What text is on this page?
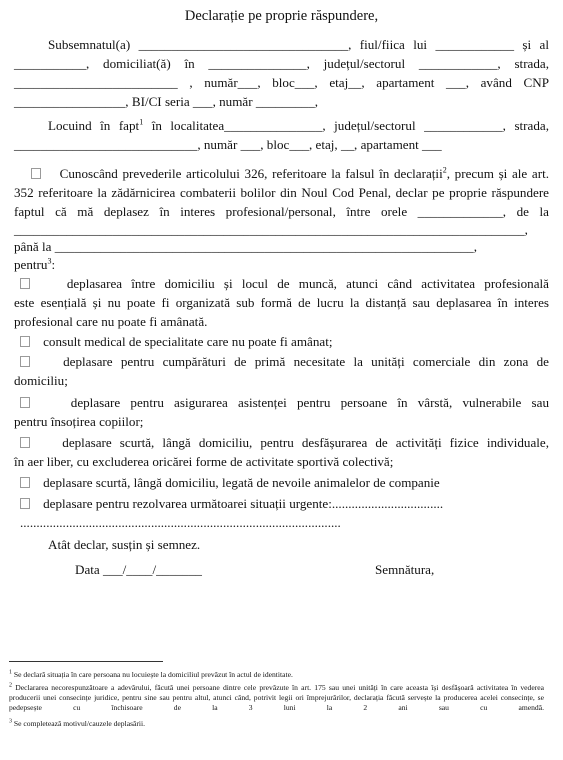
Declarație pe proprie răspundere,
Subsemnatul(a) ________________________________, fiul/fiica lui ____________ și al
___________, domiciliat(ă) în _______________, județul/sectorul ____________, strada,
_________________________ , număr___, bloc___, etaj__, apartament ___, având CNP
_________________, BI/CI seria ___, număr _________,
Locuind în fapt$^1$ în localitatea_______________, județul/sectorul ____________, strada,
____________________________, număr ___, bloc___, etaj, __, apartament ___
Cunoscând prevederile articolului 326, referitoare la falsul în declarații$^2$, precum și ale art.
352 referitoare la zădărnicirea combaterii bolilor din Noul Cod Penal, declar pe proprie răspundere
faptul că mă deplasez în interes profesional/personal, între orele _____________, de la
______________________________________________________________________________,
până la ________________________________________________________________,
pentru$^3$:
deplasarea între domiciliu și locul de muncă, atunci când activitatea profesională
este esențială și nu poate fi organizată sub formă de lucru la distanță sau deplasarea în interes
profesional care nu poate fi amânată.
consult medical de specialitate care nu poate fi amânat;
deplasare pentru cumpărături de primă necesitate la unități comerciale din zona de
domiciliu;
deplasare pentru asigurarea asistenței pentru persoane în vârstă, vulnerabile sau
pentru însoțirea copiilor;
deplasare scurtă, lângă domiciliu, pentru desfășurarea de activități fizice individuale,
în aer liber, cu excluderea oricărei forme de activitate sportivă colectivă;
deplasare scurtă, lângă domiciliu, legată de nevoile animalelor de companie
deplasare pentru rezolvarea următoarei situații urgente:..................................
..................................................................................................
Atât declar, susțin și semnez.
Data ___/____/_______	Semnătura,
$^1$ Se declară situația în care persoana nu locuiește la domiciliul prevăzut în actul de identitate.
$^2$ Declararea necorespunzătoare a adevărului, făcută unei persoane dintre cele prevăzute în art. 175 sau unei unități în care aceasta își desfășoară activitatea în vederea producerii unei consecințe juridice, pentru sine sau pentru altul, atunci când, potrivit legii ori împrejurărilor, declarația făcută servește la producerea acelei consecințe, se pedepsește cu închisoare de la 3 luni la 2 ani sau cu amendă.
$^3$ Se completează motivul/cauzele deplasării.
